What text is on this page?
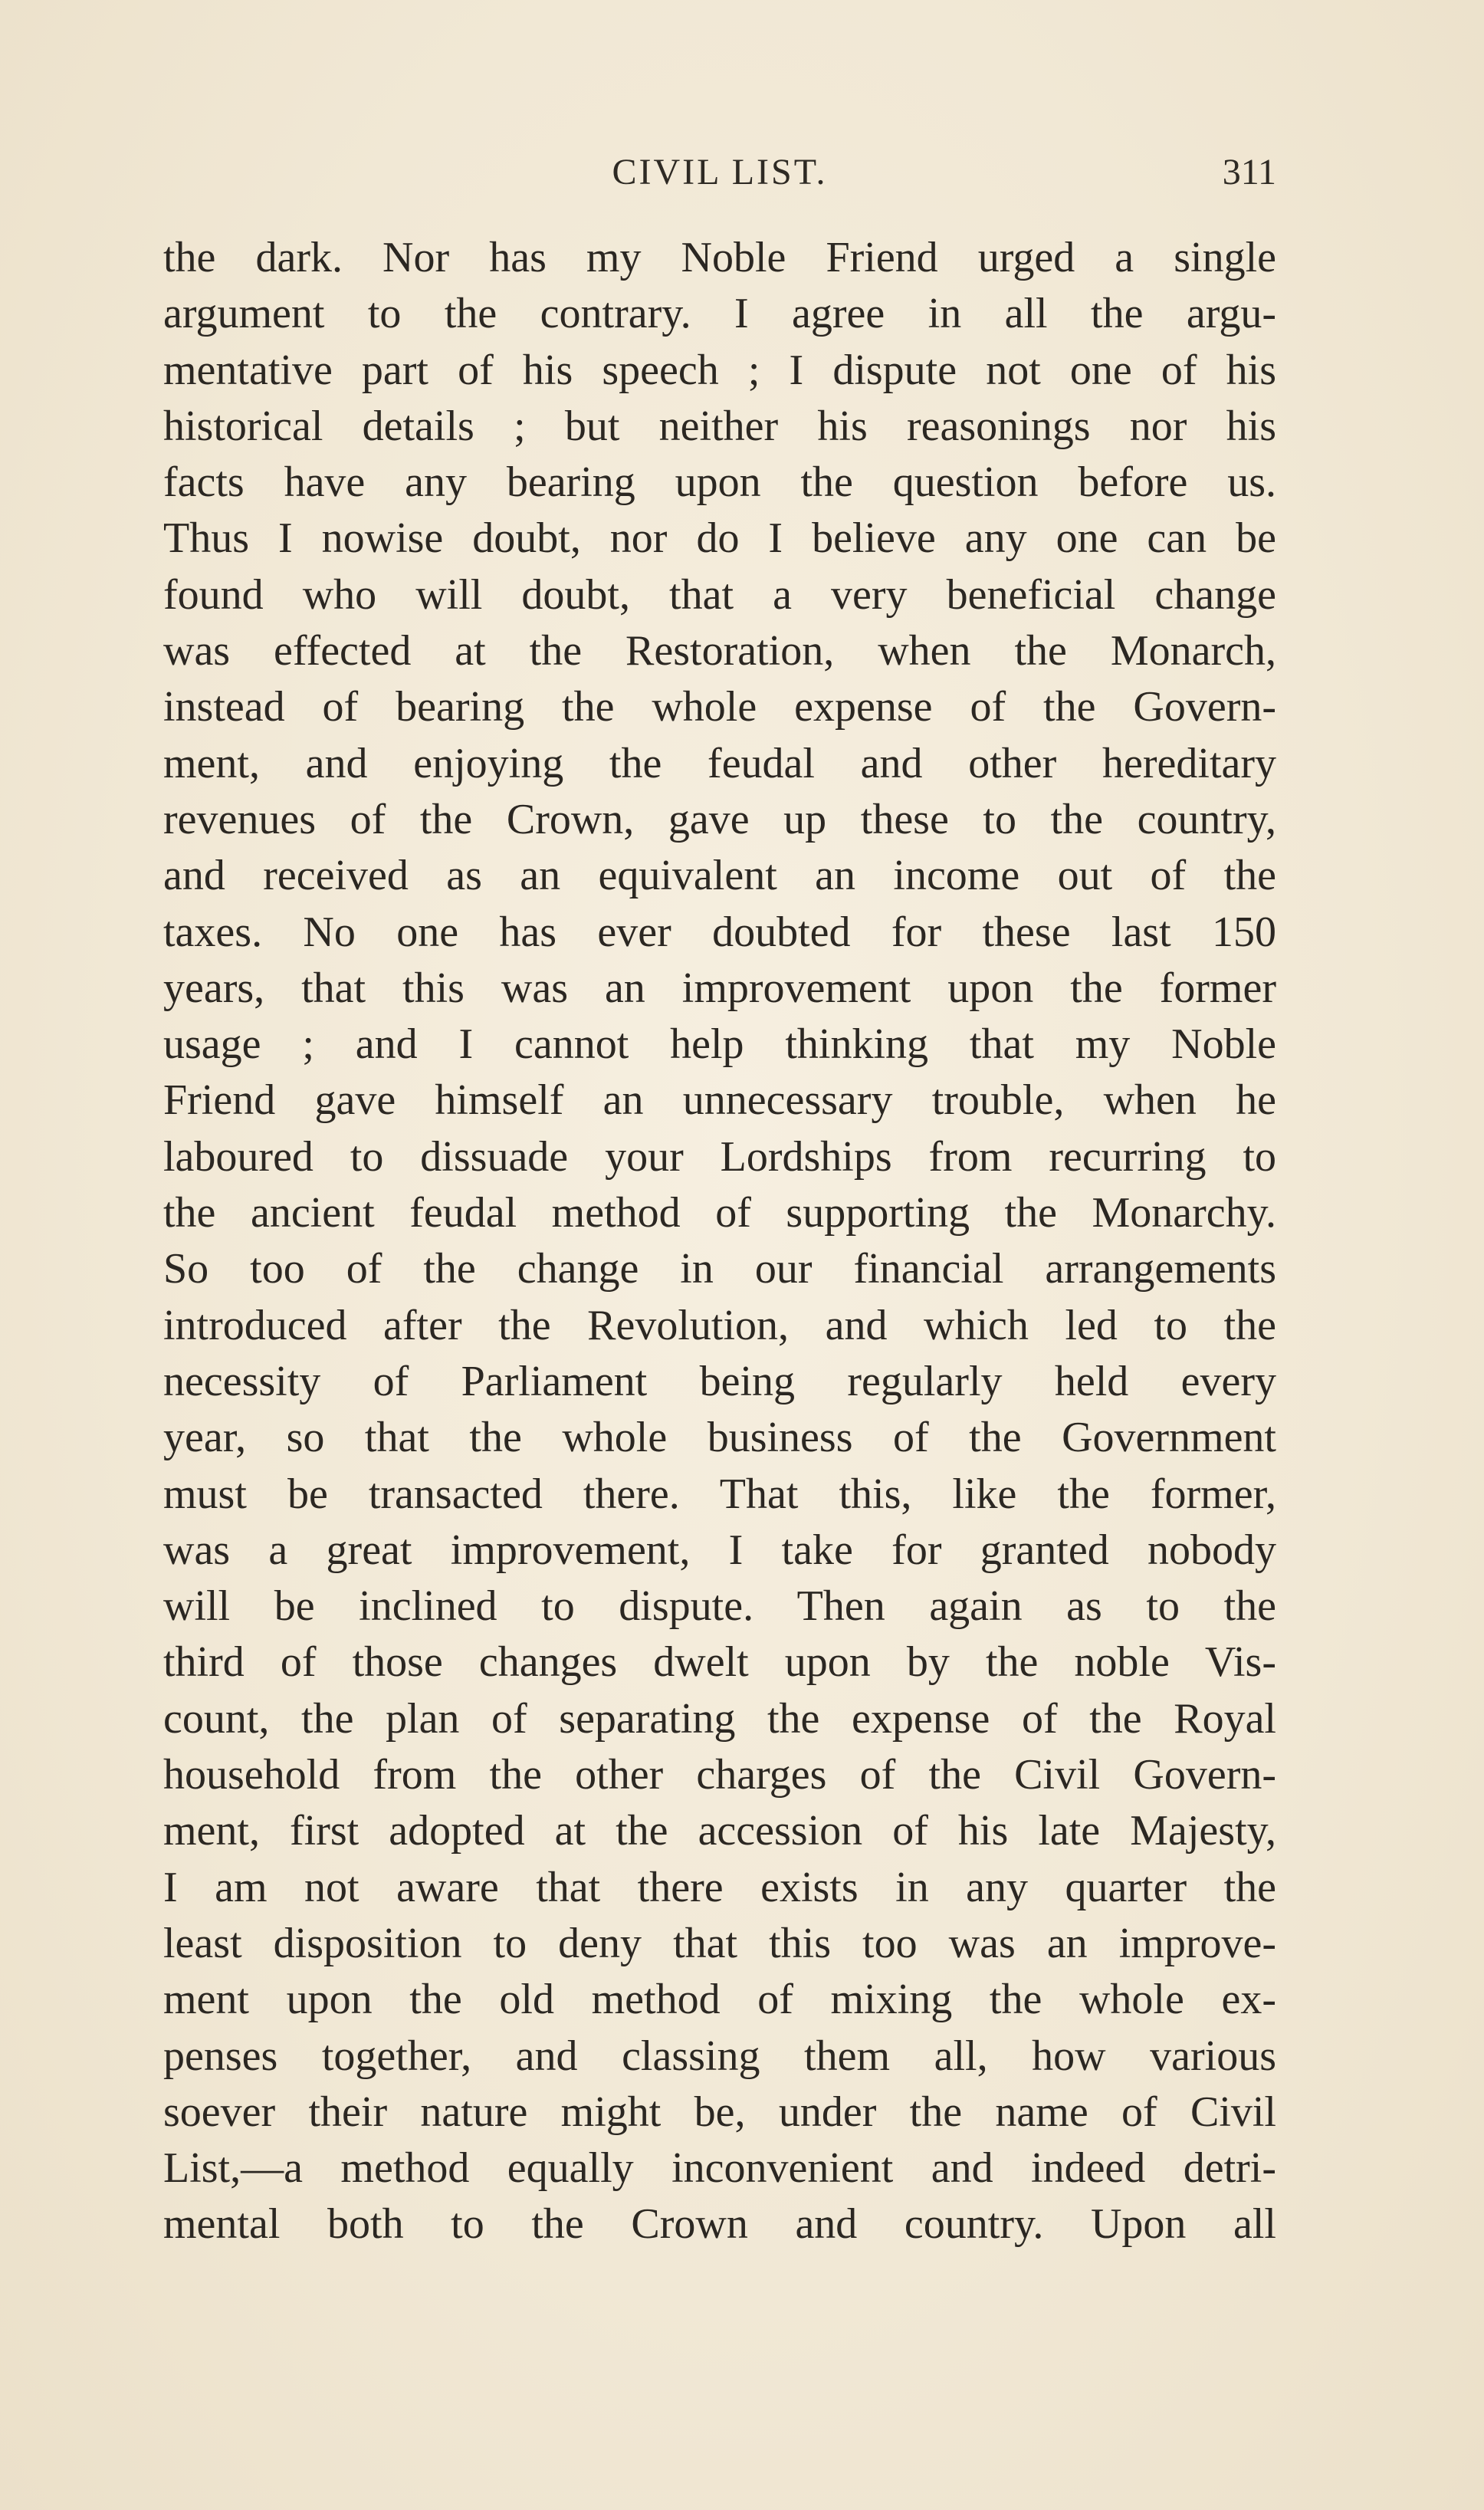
CIVIL LIST.	311
the dark. Nor has my Noble Friend urged a single
argument to the contrary. I agree in all the argu-
mentative part of his speech ; I dispute not one of his
historical details ; but neither his reasonings nor his
facts have any bearing upon the question before us.
Thus I nowise doubt, nor do I believe any one can be
found who will doubt, that a very beneficial change
was effected at the Restoration, when the Monarch,
instead of bearing the whole expense of the Govern-
ment, and enjoying the feudal and other hereditary
revenues of the Crown, gave up these to the country,
and received as an equivalent an income out of the
taxes. No one has ever doubted for these last 150
years, that this was an improvement upon the former
usage ; and I cannot help thinking that my Noble
Friend gave himself an unnecessary trouble, when he
laboured to dissuade your Lordships from recurring to
the ancient feudal method of supporting the Monarchy.
So too of the change in our financial arrangements
introduced after the Revolution, and which led to the
necessity of Parliament being regularly held every
year, so that the whole business of the Government
must be transacted there. That this, like the former,
was a great improvement, I take for granted nobody
will be inclined to dispute. Then again as to the
third of those changes dwelt upon by the noble Vis-
count, the plan of separating the expense of the Royal
household from the other charges of the Civil Govern-
ment, first adopted at the accession of his late Majesty,
I am not aware that there exists in any quarter the
least disposition to deny that this too was an improve-
ment upon the old method of mixing the whole ex-
penses together, and classing them all, how various
soever their nature might be, under the name of Civil
List,—a method equally inconvenient and indeed detri-
mental both to the Crown and country. Upon all
